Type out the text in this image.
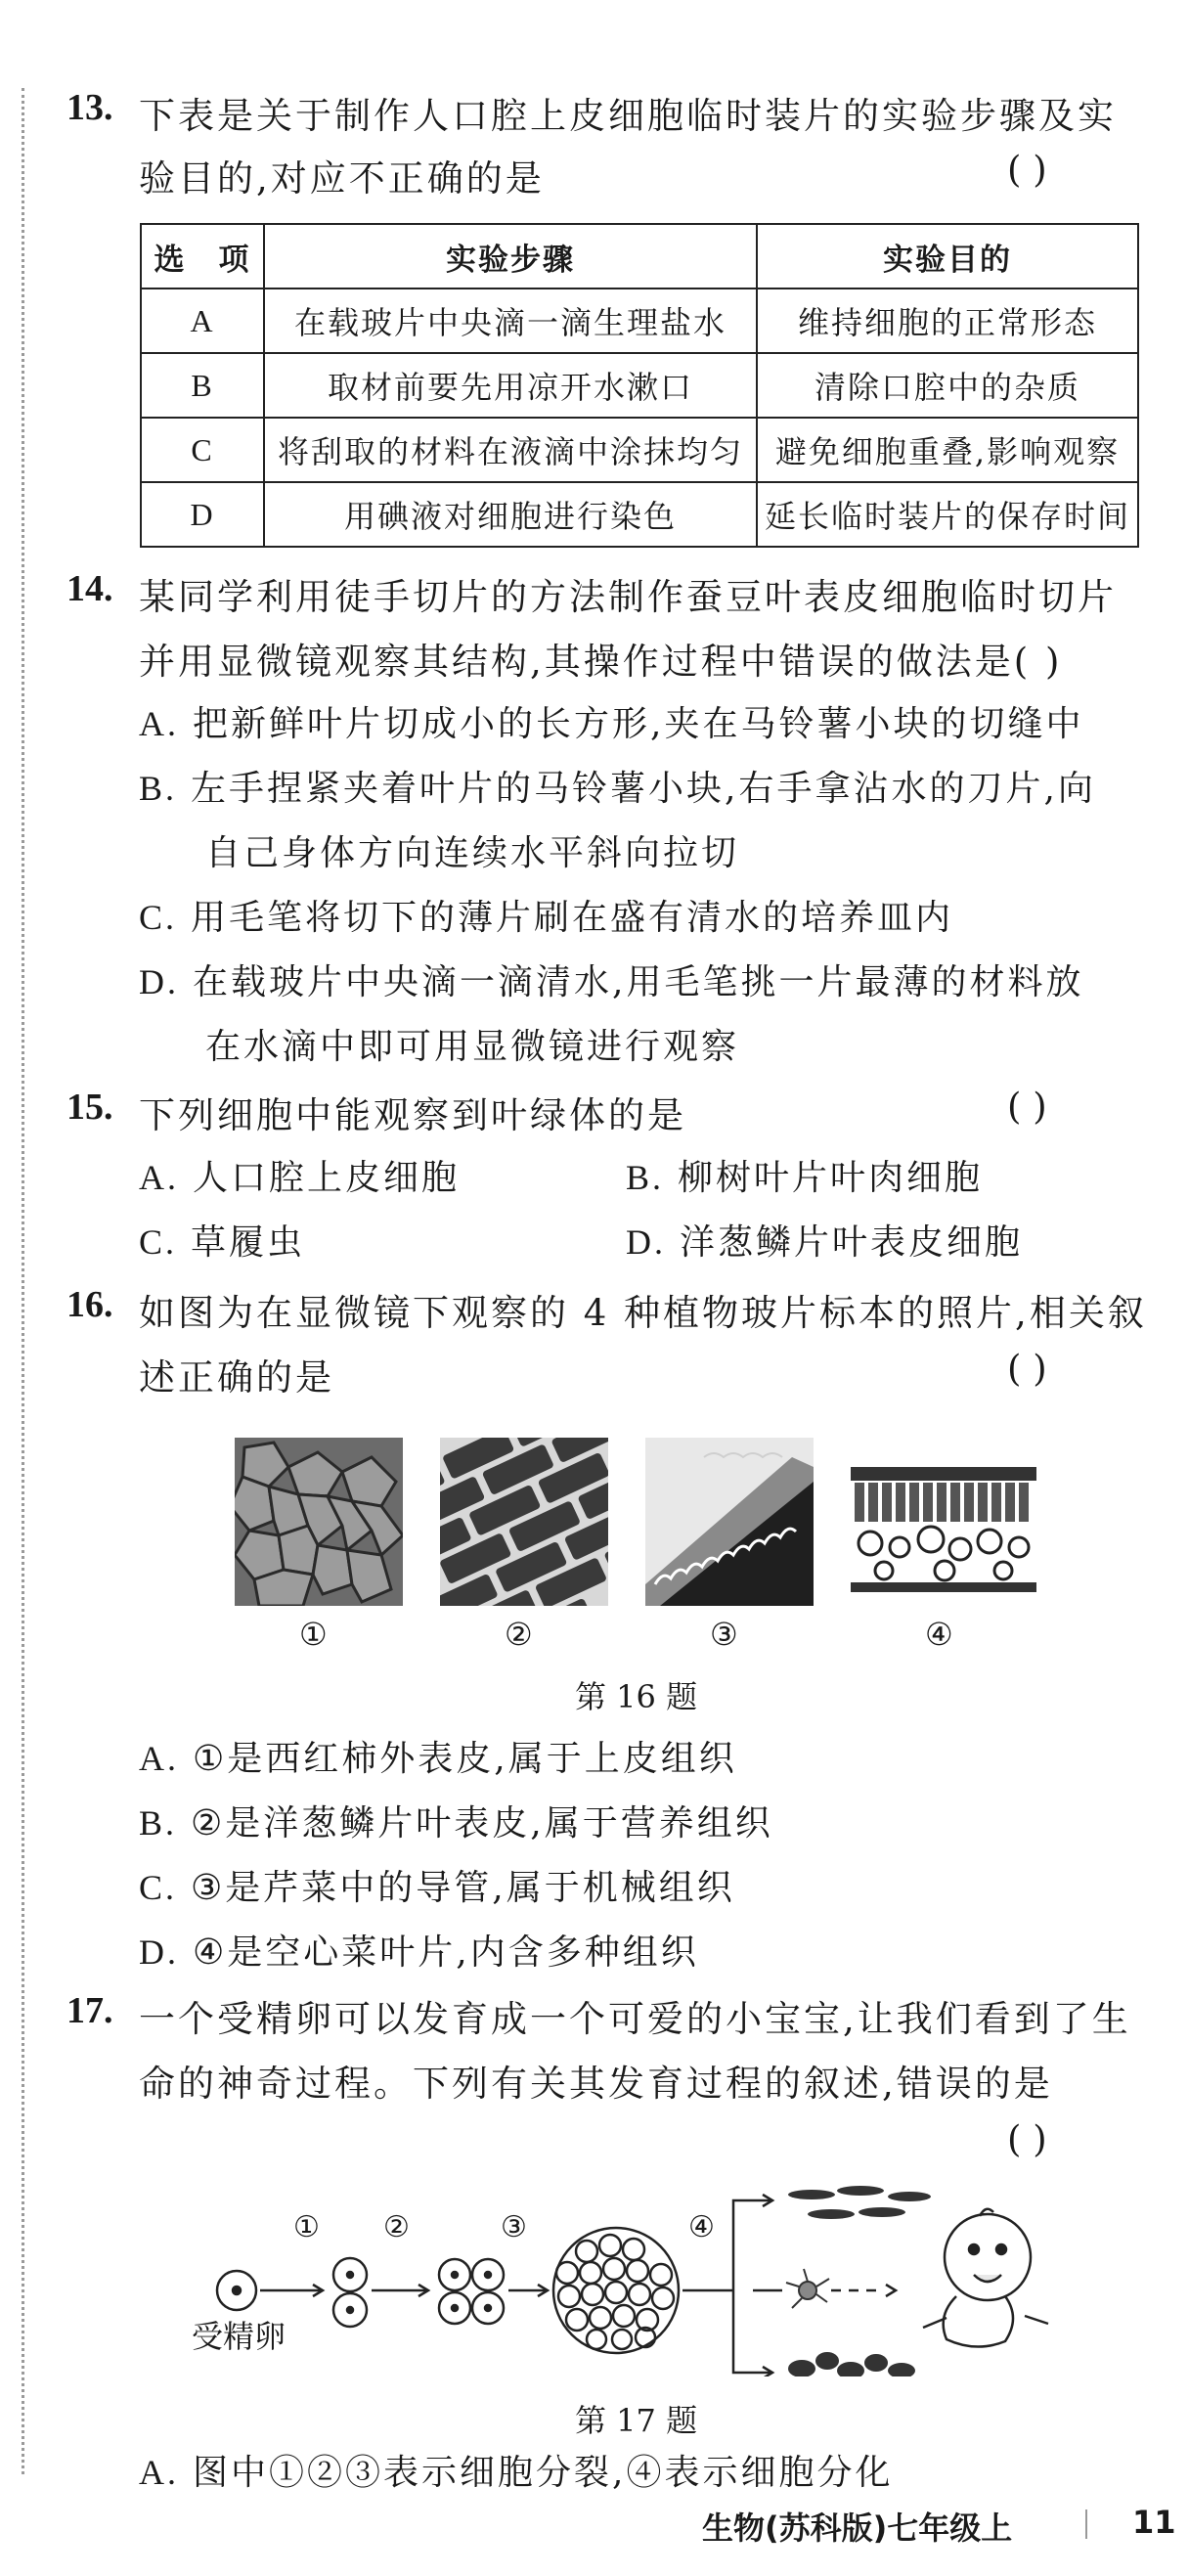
13. 下表是关于制作人口腔上皮细胞临时装片的实验步骤及实
验目的,对应不正确的是	( )
选　项	实验步骤	实验目的
A	在载玻片中央滴一滴生理盐水	维持细胞的正常形态
B	取材前要先用凉开水漱口	清除口腔中的杂质
C	将刮取的材料在液滴中涂抹均匀	避免细胞重叠,影响观察
D	用碘液对细胞进行染色	延长临时装片的保存时间
14. 某同学利用徒手切片的方法制作蚕豆叶表皮细胞临时切片
并用显微镜观察其结构,其操作过程中错误的做法是( )
A. 把新鲜叶片切成小的长方形,夹在马铃薯小块的切缝中
B. 左手捏紧夹着叶片的马铃薯小块,右手拿沾水的刀片,向
自己身体方向连续水平斜向拉切
C. 用毛笔将切下的薄片刷在盛有清水的培养皿内
D. 在载玻片中央滴一滴清水,用毛笔挑一片最薄的材料放
在水滴中即可用显微镜进行观察
15. 下列细胞中能观察到叶绿体的是	( )
A. 人口腔上皮细胞	B. 柳树叶片叶肉细胞
C. 草履虫	D. 洋葱鳞片叶表皮细胞
16. 如图为在显微镜下观察的 4 种植物玻片标本的照片,相关叙
述正确的是	( )
①	②	③	④
第 16 题
A. ①是西红柿外表皮,属于上皮组织
B. ②是洋葱鳞片叶表皮,属于营养组织
C. ③是芹菜中的导管,属于机械组织
D. ④是空心菜叶片,内含多种组织
17. 一个受精卵可以发育成一个可爱的小宝宝,让我们看到了生
命的神奇过程。下列有关其发育过程的叙述,错误的是
( )
① ②	③	④
受精卵
第 17 题
A. 图中①②③表示细胞分裂,④表示细胞分化
生物(苏科版)七年级上	11
